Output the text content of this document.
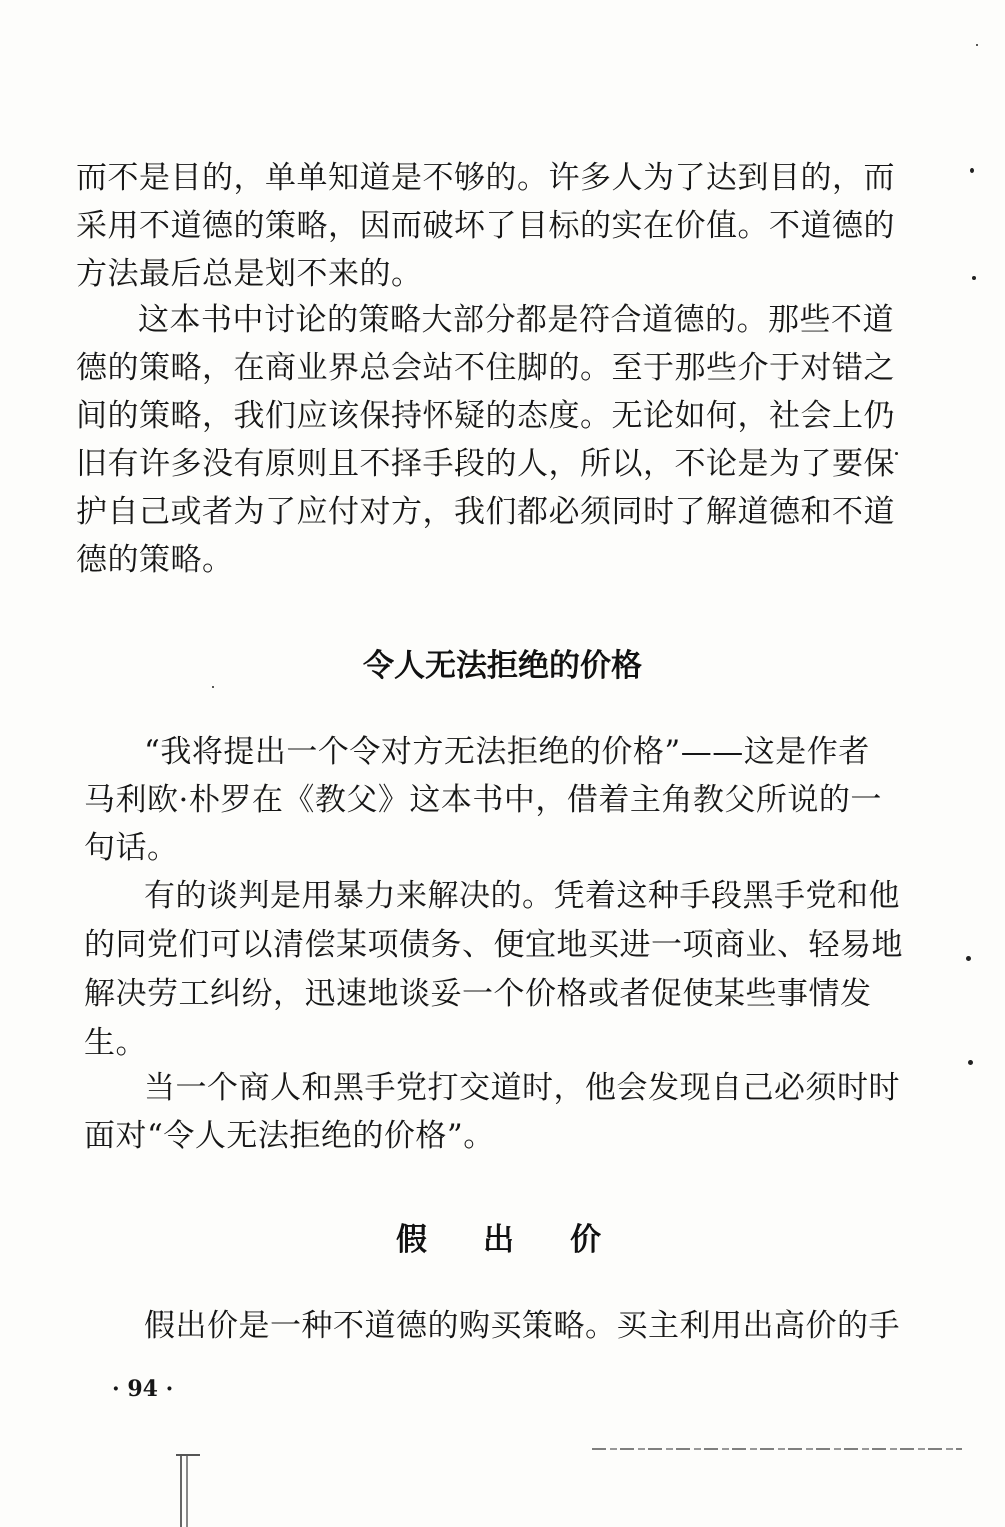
而不是目的，单单知道是不够的。许多人为了达到目的，而
采用不道德的策略，因而破坏了目标的实在价值。不道德的
方法最后总是划不来的。
这本书中讨论的策略大部分都是符合道德的。那些不道
德的策略，在商业界总会站不住脚的。至于那些介于对错之
间的策略，我们应该保持怀疑的态度。无论如何，社会上仍
旧有许多没有原则且不择手段的人，所以，不论是为了要保
护自己或者为了应付对方，我们都必须同时了解道德和不道
德的策略。
令人无法拒绝的价格
“我将提出一个令对方无法拒绝的价格”——这是作者
马利欧·朴罗在《教父》这本书中，借着主角教父所说的一
句话。
有的谈判是用暴力来解决的。凭着这种手段黑手党和他
的同党们可以清偿某项债务、便宜地买进一项商业、轻易地
解决劳工纠纷，迅速地谈妥一个价格或者促使某些事情发
生。
当一个商人和黑手党打交道时，他会发现自己必须时时
面对“令人无法拒绝的价格”。
假出价
假出价是一种不道德的购买策略。买主利用出高价的手
· 94 ·
